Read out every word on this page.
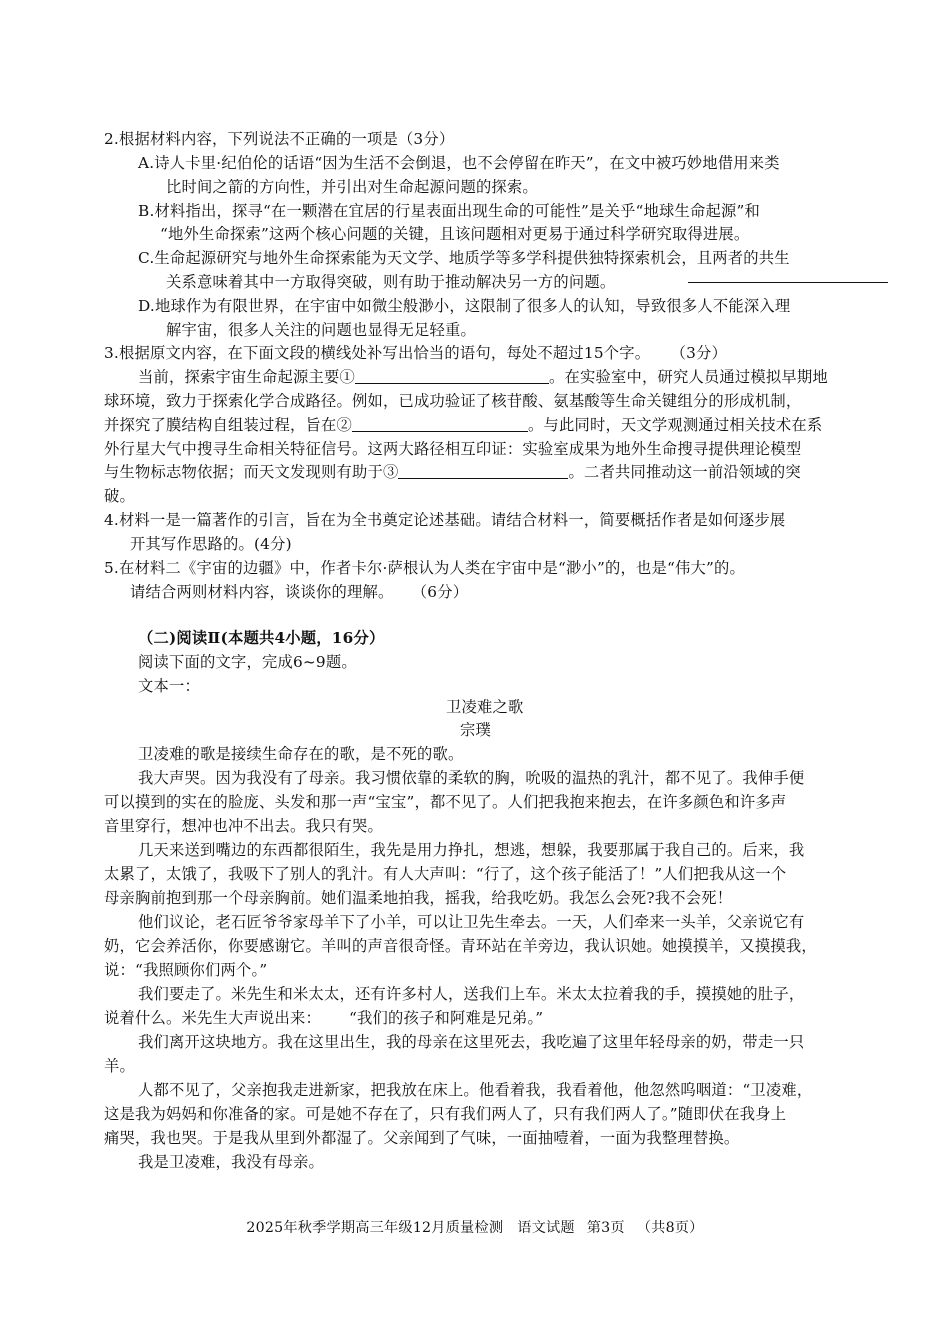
2.根据材料内容，下列说法不正确的一项是（3分）
A.诗人卡里·纪伯伦的话语“因为生活不会倒退，也不会停留在昨天”，在文中被巧妙地借用来类
比时间之箭的方向性，并引出对生命起源问题的探索。
B.材料指出，探寻“在一颗潜在宜居的行星表面出现生命的可能性”是关乎“地球生命起源”和
“地外生命探索”这两个核心问题的关键，且该问题相对更易于通过科学研究取得进展。
C.生命起源研究与地外生命探索能为天文学、地质学等多学科提供独特探索机会，且两者的共生
关系意味着其中一方取得突破，则有助于推动解决另一方的问题。
D.地球作为有限世界，在宇宙中如微尘般渺小，这限制了很多人的认知，导致很多人不能深入理
解宇宙，很多人关注的问题也显得无足轻重。
3.根据原文内容，在下面文段的横线处补写出恰当的语句，每处不超过15个字。 （3分）
当前，探索宇宙生命起源主要①	。在实验室中，研究人员通过模拟早期地
球环境，致力于探索化学合成路径。例如，已成功验证了核苷酸、氨基酸等生命关键组分的形成机制，
并探究了膜结构自组装过程，旨在②	。与此同时，天文学观测通过相关技术在系
外行星大气中搜寻生命相关特征信号。这两大路径相互印证：实验室成果为地外生命搜寻提供理论模型
与生物标志物依据；而天文发现则有助于③	。二者共同推动这一前沿领域的突
破。
4.材料一是一篇著作的引言，旨在为全书奠定论述基础。请结合材料一，简要概括作者是如何逐步展
开其写作思路的。(4分)
5.在材料二《宇宙的边疆》中，作者卡尔·萨根认为人类在宇宙中是“渺小”的，也是“伟大”的。
请结合两则材料内容，谈谈你的理解。 （6分）
（二)阅读Ⅱ(本题共4小题，16分）
阅读下面的文字，完成6~9题。
文本一：
卫凌难之歌
宗璞
卫凌难的歌是接续生命存在的歌，是不死的歌。
我大声哭。因为我没有了母亲。我习惯依靠的柔软的胸，吮吸的温热的乳汁，都不见了。我伸手便
可以摸到的实在的脸庞、头发和那一声“宝宝”，都不见了。人们把我抱来抱去，在许多颜色和许多声
音里穿行，想冲也冲不出去。我只有哭。
几天来送到嘴边的东西都很陌生，我先是用力挣扎，想逃，想躲，我要那属于我自己的。后来，我
太累了，太饿了，我吸下了别人的乳汁。有人大声叫：“行了，这个孩子能活了！”人们把我从这一个
母亲胸前抱到那一个母亲胸前。她们温柔地拍我，摇我，给我吃奶。我怎么会死?我不会死！
他们议论，老石匠爷爷家母羊下了小羊，可以让卫先生牵去。一天，人们牵来一头羊，父亲说它有
奶，它会养活你，你要感谢它。羊叫的声音很奇怪。青环站在羊旁边，我认识她。她摸摸羊，又摸摸我，
说：“我照顾你们两个。”
我们要走了。米先生和米太太，还有许多村人，送我们上车。米太太拉着我的手，摸摸她的肚子，
说着什么。米先生大声说出来： “我们的孩子和阿难是兄弟。”
我们离开这块地方。我在这里出生，我的母亲在这里死去，我吃遍了这里年轻母亲的奶，带走一只
羊。
人都不见了，父亲抱我走进新家，把我放在床上。他看着我，我看着他，他忽然呜咽道：“卫凌难，
这是我为妈妈和你准备的家。可是她不存在了，只有我们两人了，只有我们两人了。”随即伏在我身上
痛哭，我也哭。于是我从里到外都湿了。父亲闻到了气味，一面抽噎着，一面为我整理替换。
我是卫凌难，我没有母亲。
2025年秋季学期高三年级12月质量检测 语文试题 第3页 （共8页）
